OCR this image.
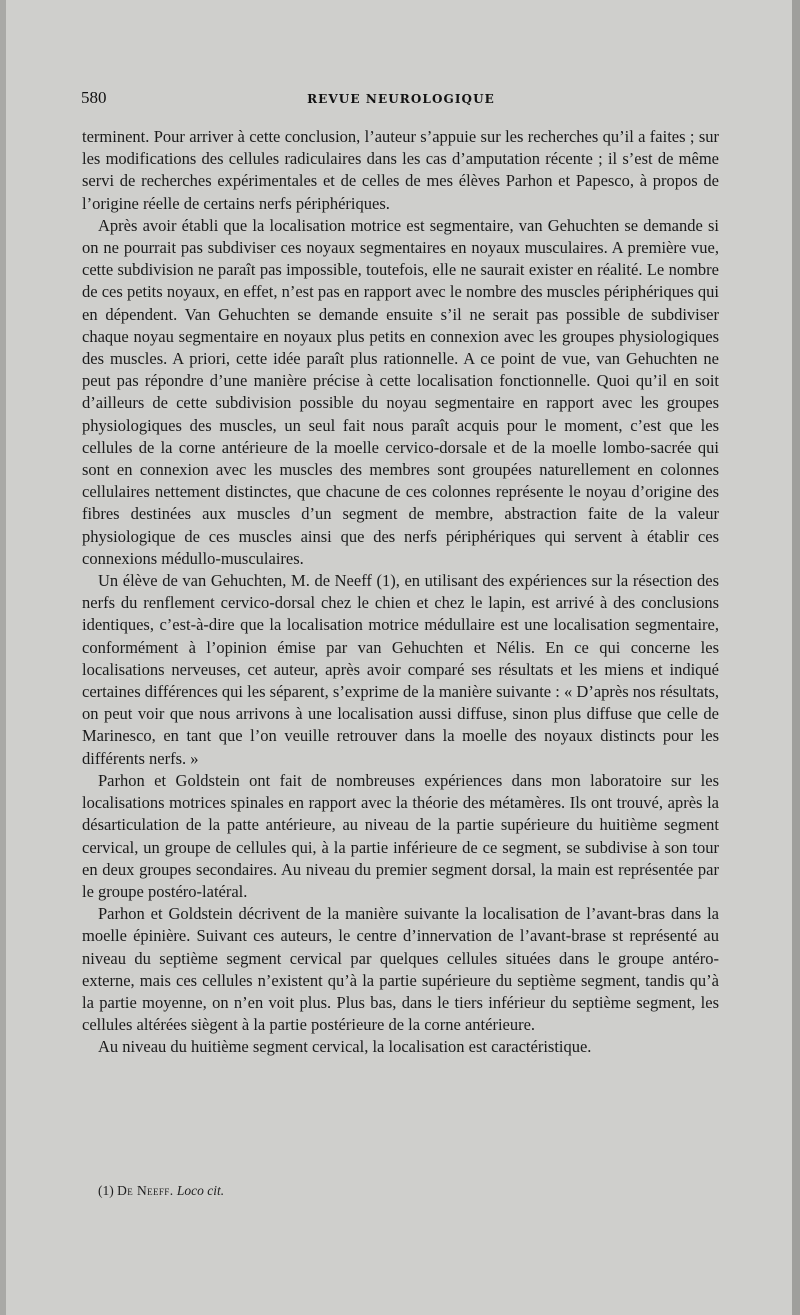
580	REVUE NEUROLOGIQUE

terminent. Pour arriver à cette conclusion, l’auteur s’appuie sur les recherches qu’il a faites ; sur les modifications des cellules radiculaires dans les cas d’amputation récente ; il s’est de même servi de recherches expérimentales et de celles de mes élèves Parhon et Papesco, à propos de l’origine réelle de certains nerfs périphériques.

Après avoir établi que la localisation motrice est segmentaire, van Gehuchten se demande si on ne pourrait pas subdiviser ces noyaux segmentaires en noyaux musculaires. A première vue, cette subdivision ne paraît pas impossible, toutefois, elle ne saurait exister en réalité. Le nombre de ces petits noyaux, en effet, n’est pas en rapport avec le nombre des muscles périphériques qui en dépendent. Van Gehuchten se demande ensuite s’il ne serait pas possible de subdiviser chaque noyau segmentaire en noyaux plus petits en connexion avec les groupes physiologiques des muscles. A priori, cette idée paraît plus rationnelle. A ce point de vue, van Gehuchten ne peut pas répondre d’une manière précise à cette localisation fonctionnelle. Quoi qu’il en soit d’ailleurs de cette subdivision possible du noyau segmentaire en rapport avec les groupes physiologiques des muscles, un seul fait nous paraît acquis pour le moment, c’est que les cellules de la corne antérieure de la moelle cervico-dorsale et de la moelle lombo-sacrée qui sont en connexion avec les muscles des membres sont groupées naturellement en colonnes cellulaires nettement distinctes, que chacune de ces colonnes représente le noyau d’origine des fibres destinées aux muscles d’un segment de membre, abstraction faite de la valeur physiologique de ces muscles ainsi que des nerfs périphériques qui servent à établir ces connexions médullo-musculaires.

Un élève de van Gehuchten, M. de Neeff (1), en utilisant des expériences sur la résection des nerfs du renflement cervico-dorsal chez le chien et chez le lapin, est arrivé à des conclusions identiques, c’est-à-dire que la localisation motrice médullaire est une localisation segmentaire, conformément à l’opinion émise par van Gehuchten et Nélis. En ce qui concerne les localisations nerveuses, cet auteur, après avoir comparé ses résultats et les miens et indiqué certaines différences qui les séparent, s’exprime de la manière suivante : « D’après nos résultats, on peut voir que nous arrivons à une localisation aussi diffuse, sinon plus diffuse que celle de Marinesco, en tant que l’on veuille retrouver dans la moelle des noyaux distincts pour les différents nerfs. »

Parhon et Goldstein ont fait de nombreuses expériences dans mon laboratoire sur les localisations motrices spinales en rapport avec la théorie des métamères. Ils ont trouvé, après la désarticulation de la patte antérieure, au niveau de la partie supérieure du huitième segment cervical, un groupe de cellules qui, à la partie inférieure de ce segment, se subdivise à son tour en deux groupes secondaires. Au niveau du premier segment dorsal, la main est représentée par le groupe postéro-latéral.

Parhon et Goldstein décrivent de la manière suivante la localisation de l’avant-bras dans la moelle épinière. Suivant ces auteurs, le centre d’innervation de l’avant-brase st représenté au niveau du septième segment cervical par quelques cellules situées dans le groupe antéro-externe, mais ces cellules n’existent qu’à la partie supérieure du septième segment, tandis qu’à la partie moyenne, on n’en voit plus. Plus bas, dans le tiers inférieur du septième segment, les cellules altérées siègent à la partie postérieure de la corne antérieure.

Au niveau du huitième segment cervical, la localisation est caractéristique.

(1) De Neeff. Loco cit.
